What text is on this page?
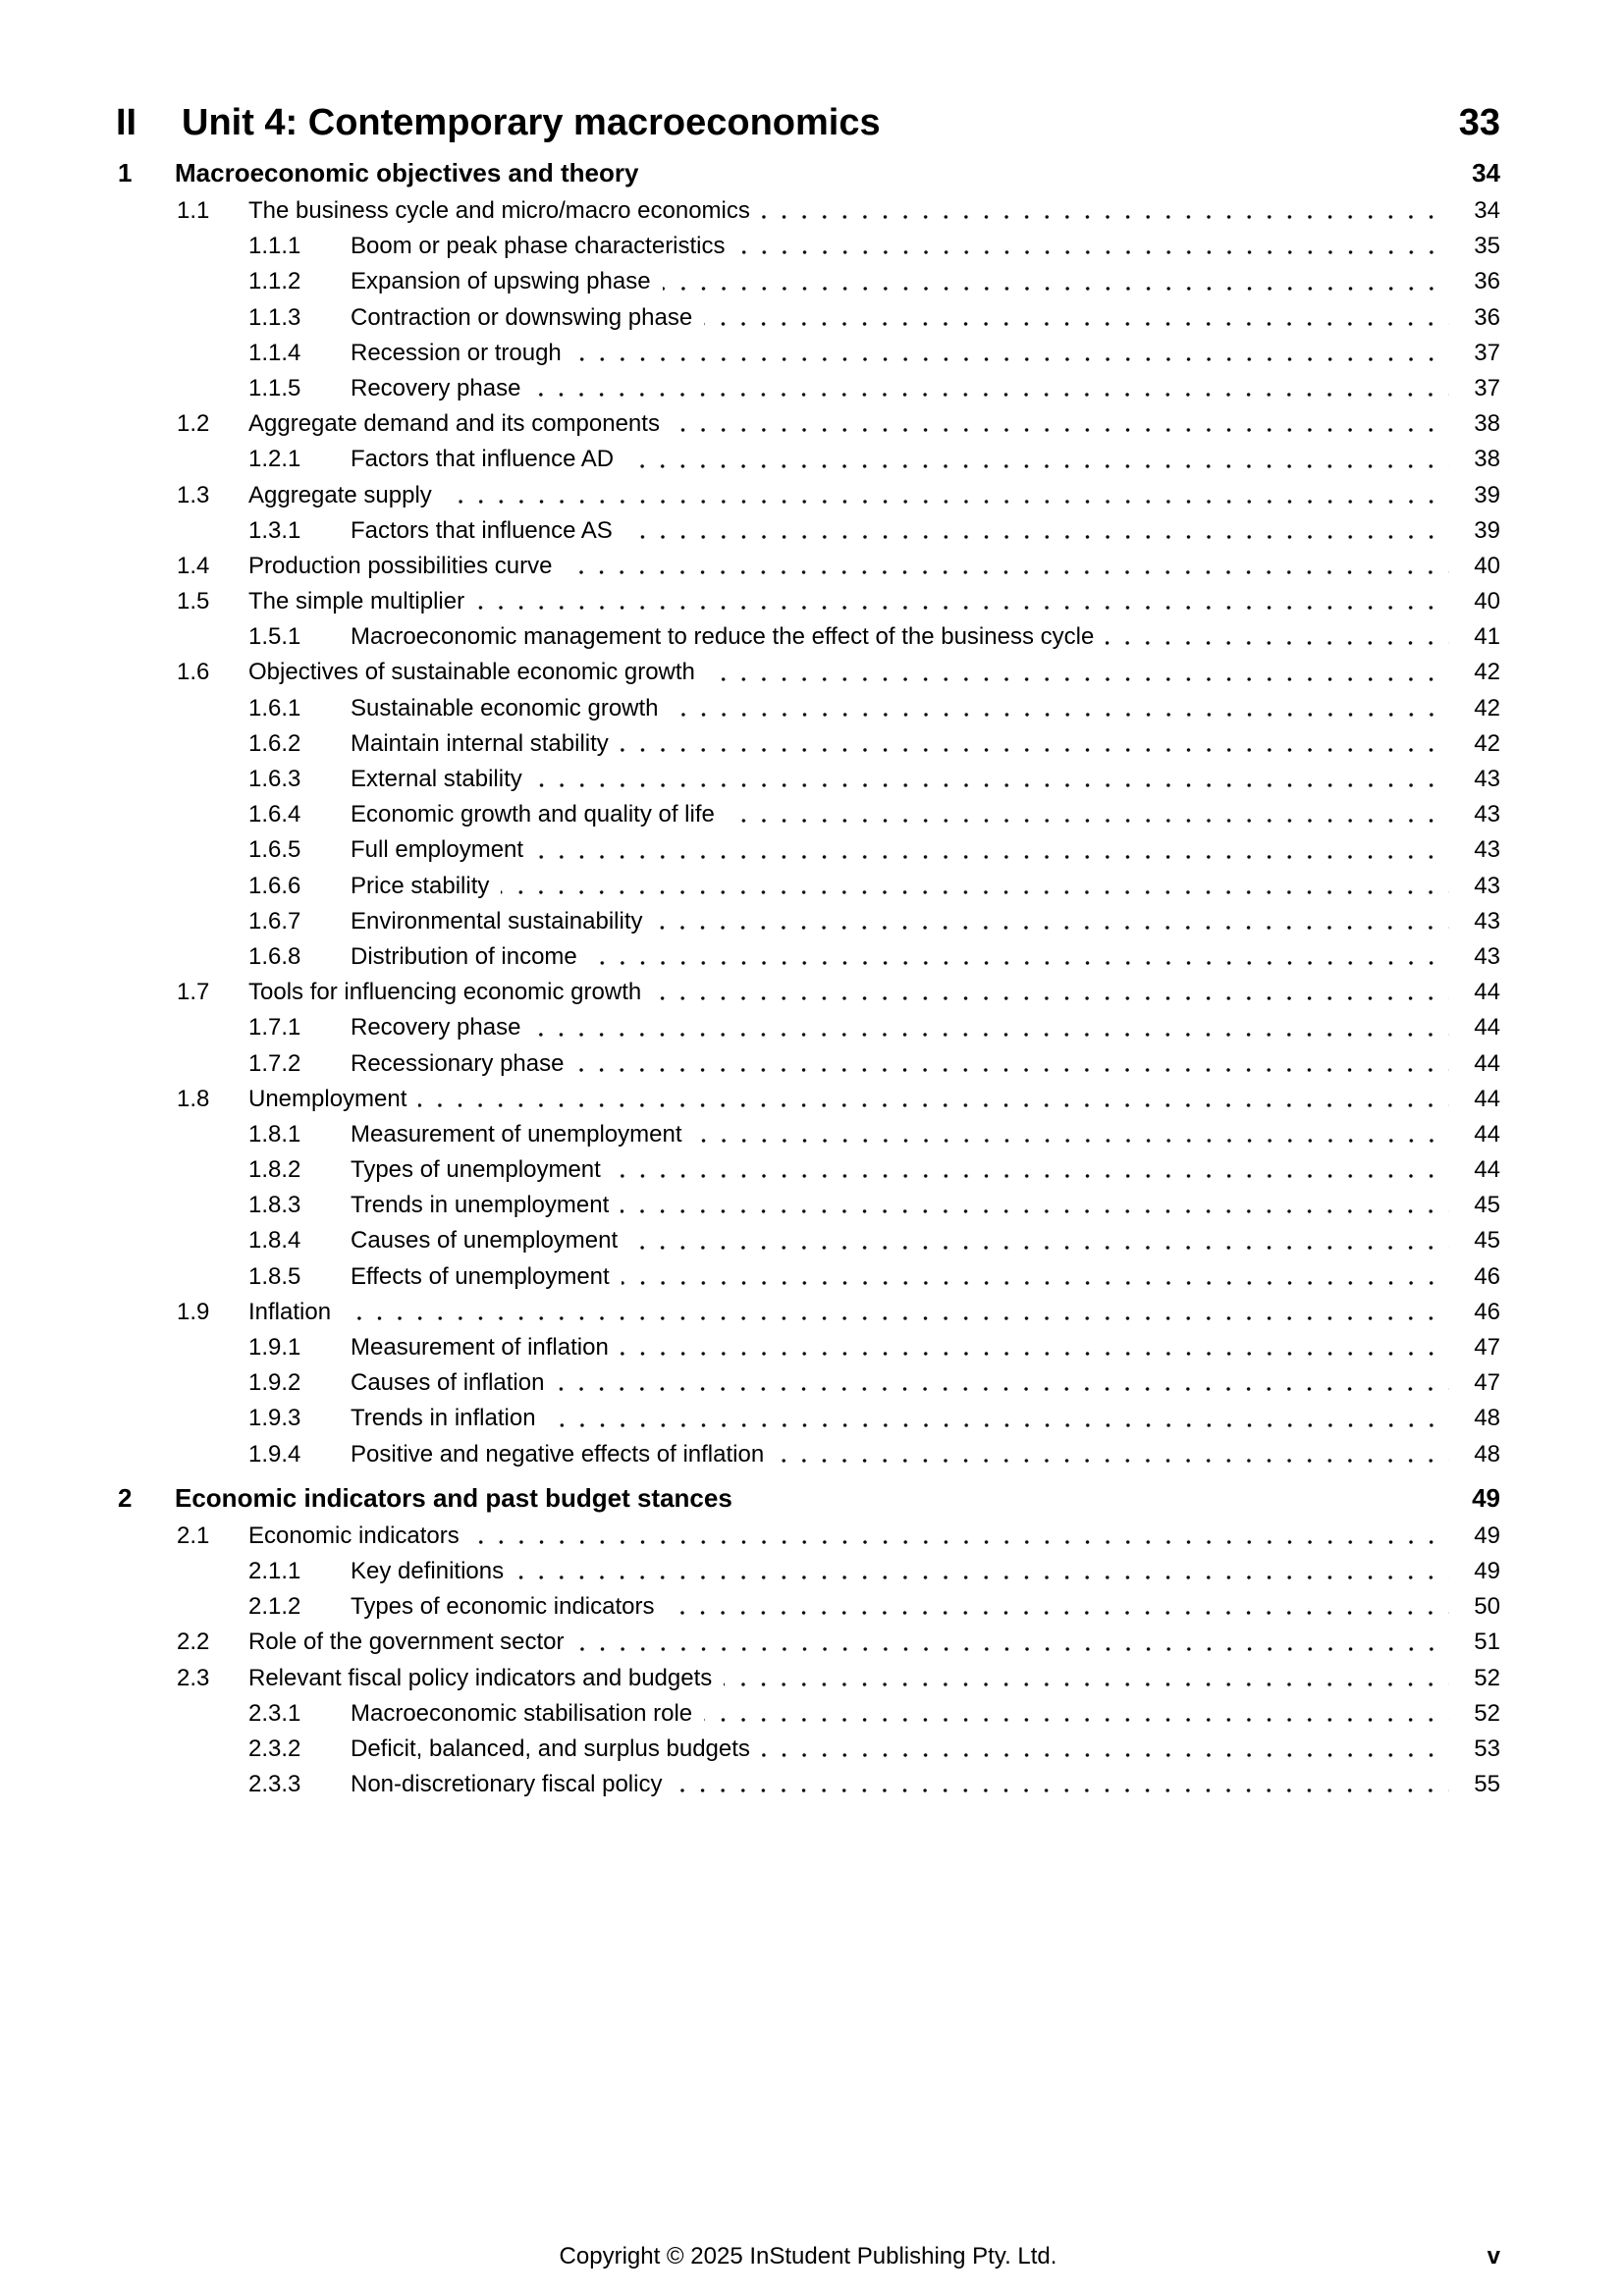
II	Unit 4: Contemporary macroeconomics	33
1	Macroeconomic objectives and theory	34
1.1	The business cycle and micro/macro economics	34
1.1.1	Boom or peak phase characteristics	35
1.1.2	Expansion of upswing phase	36
1.1.3	Contraction or downswing phase	36
1.1.4	Recession or trough	37
1.1.5	Recovery phase	37
1.2	Aggregate demand and its components	38
1.2.1	Factors that influence AD	38
1.3	Aggregate supply	39
1.3.1	Factors that influence AS	39
1.4	Production possibilities curve	40
1.5	The simple multiplier	40
1.5.1	Macroeconomic management to reduce the effect of the business cycle	41
1.6	Objectives of sustainable economic growth	42
1.6.1	Sustainable economic growth	42
1.6.2	Maintain internal stability	42
1.6.3	External stability	43
1.6.4	Economic growth and quality of life	43
1.6.5	Full employment	43
1.6.6	Price stability	43
1.6.7	Environmental sustainability	43
1.6.8	Distribution of income	43
1.7	Tools for influencing economic growth	44
1.7.1	Recovery phase	44
1.7.2	Recessionary phase	44
1.8	Unemployment	44
1.8.1	Measurement of unemployment	44
1.8.2	Types of unemployment	44
1.8.3	Trends in unemployment	45
1.8.4	Causes of unemployment	45
1.8.5	Effects of unemployment	46
1.9	Inflation	46
1.9.1	Measurement of inflation	47
1.9.2	Causes of inflation	47
1.9.3	Trends in inflation	48
1.9.4	Positive and negative effects of inflation	48
2	Economic indicators and past budget stances	49
2.1	Economic indicators	49
2.1.1	Key definitions	49
2.1.2	Types of economic indicators	50
2.2	Role of the government sector	51
2.3	Relevant fiscal policy indicators and budgets	52
2.3.1	Macroeconomic stabilisation role	52
2.3.2	Deficit, balanced, and surplus budgets	53
2.3.3	Non-discretionary fiscal policy	55
Copyright © 2025 InStudent Publishing Pty. Ltd.	v
